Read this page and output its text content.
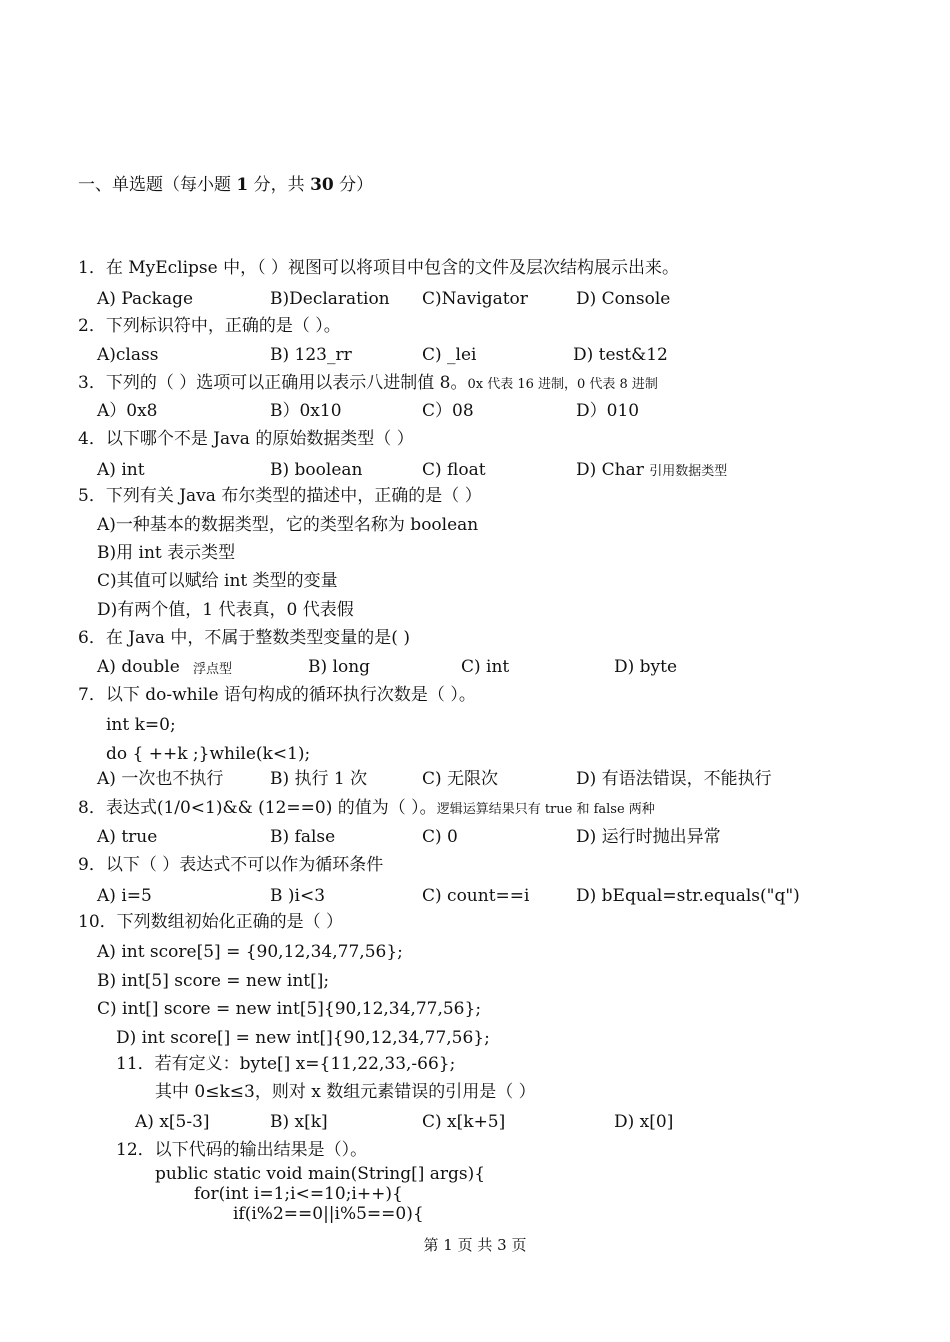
一、单选题（每小题 1 分，共 30 分）
1．在 MyEclipse 中，（ ）视图可以将项目中包含的文件及层次结构展示出来。
A) Package	B)Declaration C)Navigator	D) Console
2．下列标识符中，正确的是（ ）。
A)class	B) 123_rr	C) _lei	D) test&12
3．下列的（ ）选项可以正确用以表示八进制值 8。0x 代表 16 进制，0 代表 8 进制
A）0x8	B）0x10	C）08	D）010
4．以下哪个不是 Java 的原始数据类型（ ）
A) int	B) boolean	C) float	D) Char 引用数据类型
5．下列有关 Java 布尔类型的描述中，正确的是（ ）
A)一种基本的数据类型，它的类型名称为 boolean
B)用 int 表示类型
C)其值可以赋给 int 类型的变量
D)有两个值，1 代表真，0 代表假
6．在 Java 中，不属于整数类型变量的是( )
A) double 浮点型	B) long	C) int	D) byte
7．以下 do-while 语句构成的循环执行次数是（ ）。
int k=0;
do { ++k ;}while(k<1);
A) 一次也不执行	B) 执行 1 次	C) 无限次	D) 有语法错误，不能执行
8．表达式(1/0<1)&& (12==0) 的值为（ ）。逻辑运算结果只有 true 和 false 两种
A) true	B) false	C) 0	D) 运行时抛出异常
9．以下（ ）表达式不可以作为循环条件
A) i=5	B )i<3	C) count==i	D) bEqual=str.equals("q")
10．下列数组初始化正确的是（ ）
A) int score[5] = {90,12,34,77,56};
B) int[5] score = new int[];
C) int[] score = new int[5]{90,12,34,77,56};
D) int score[] = new int[]{90,12,34,77,56};
11．若有定义：byte[] x={11,22,33,-66};
其中 0≤k≤3，则对 x 数组元素错误的引用是（ ）
A) x[5-3]	B) x[k]	C) x[k+5]	D) x[0]
12．以下代码的输出结果是（）。
public static void main(String[] args){
for(int i=1;i<=10;i++){
if(i%2==0||i%5==0){
第 1 页 共 3 页
